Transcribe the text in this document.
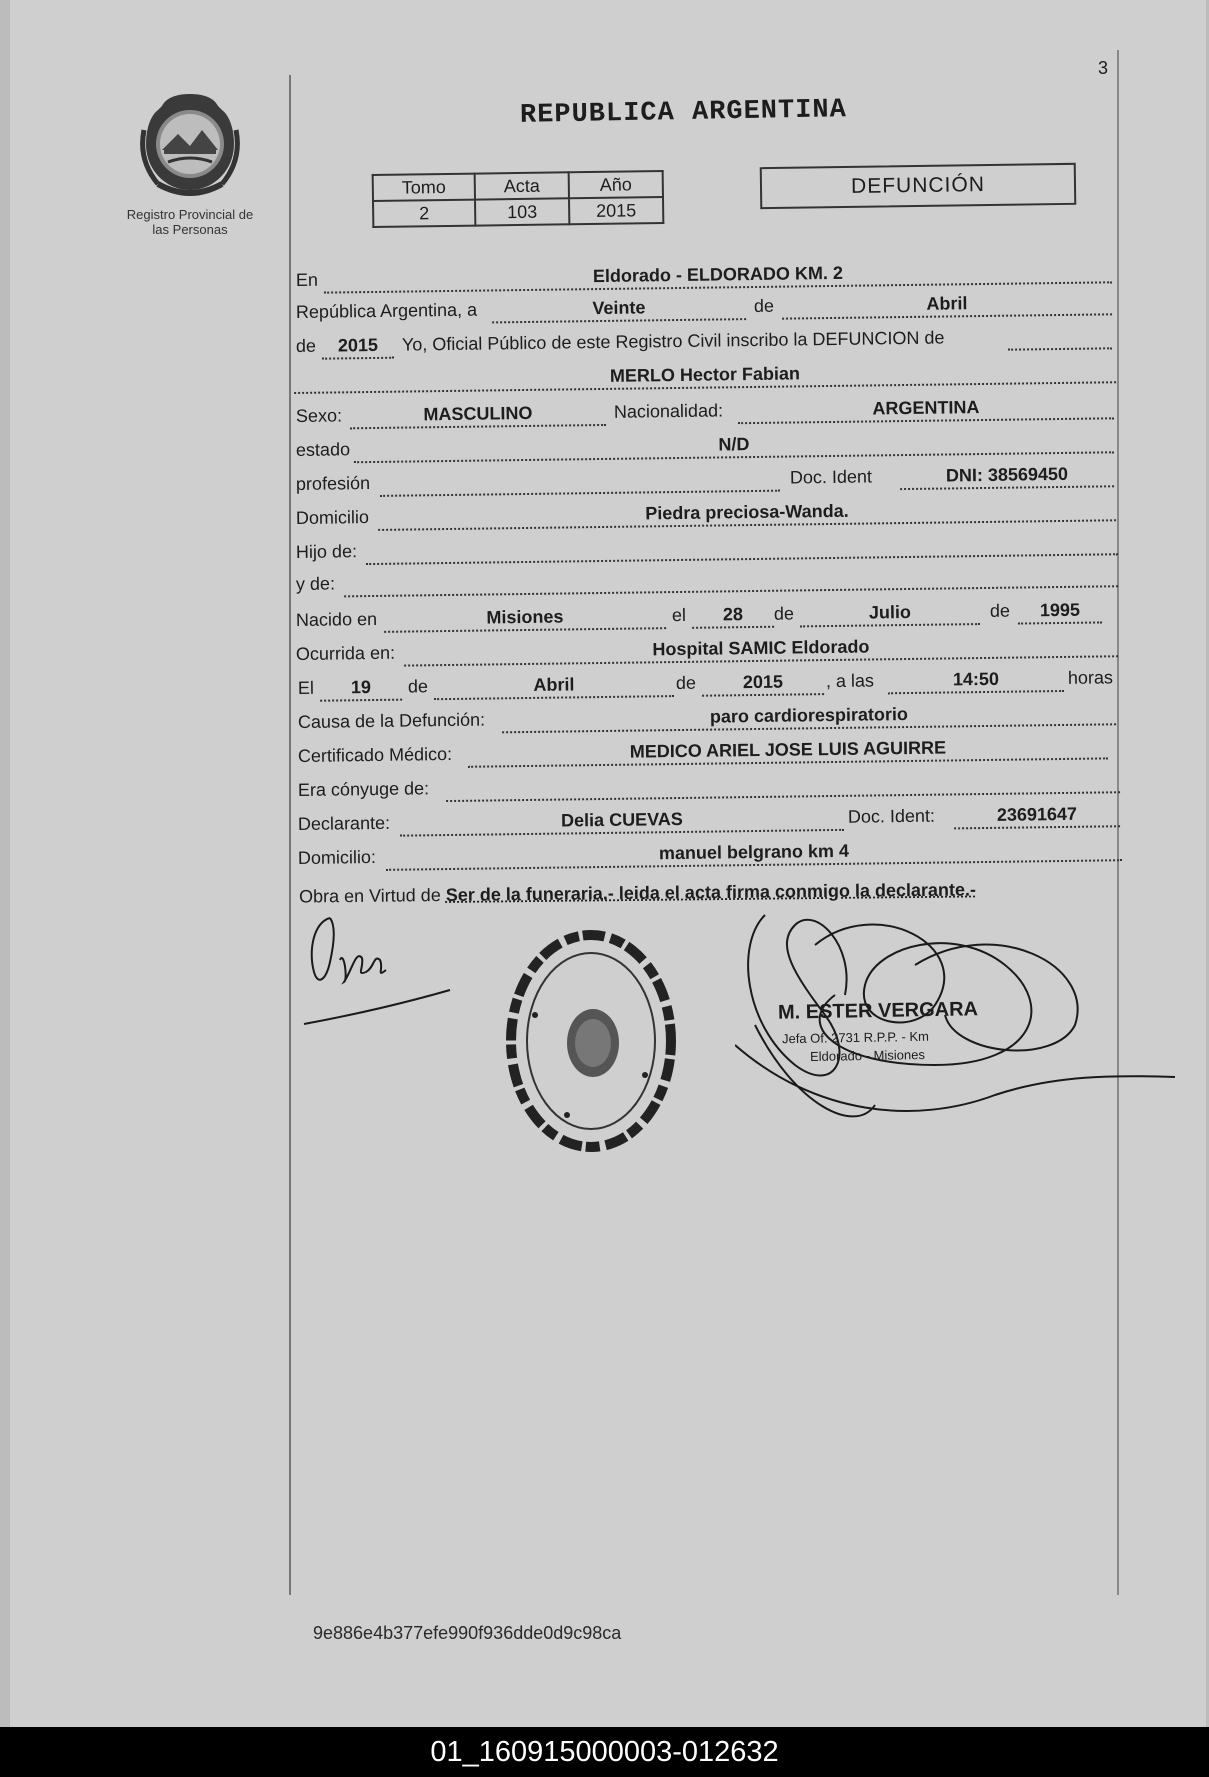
3
Registro Provincial de
las Personas
REPUBLICA ARGENTINA
Tomo	Acta	Año
2	103	2015
DEFUNCIÓN
En	Eldorado - ELDORADO KM. 2
República Argentina, a	Veinte	de	Abril
de	2015	Yo, Oficial Público de este Registro Civil inscribo la DEFUNCION de
MERLO Hector Fabian
Sexo:	MASCULINO	Nacionalidad:	ARGENTINA
estado	N/D
profesión	Doc. Ident	DNI: 38569450
Domicilio	Piedra preciosa-Wanda.
Hijo de:
y de:
Nacido en	Misiones	el	28	de	Julio	de	1995
Ocurrida en:	Hospital SAMIC Eldorado
El	19	de	Abril	de	2015	, a las	14:50	horas
Causa de la Defunción:	paro cardiorespiratorio
Certificado Médico:	MEDICO ARIEL JOSE LUIS AGUIRRE
Era cónyuge de:
Declarante:	Delia CUEVAS	Doc. Ident:	23691647
Domicilio:	manuel belgrano km 4
Obra en Virtud de Ser de la funeraria.- leida el acta firma conmigo la declarante.-
M. ESTER VERGARA
Jefa Of. 2731 R.P.P. - Km
Eldorado - Misiones
9e886e4b377efe990f936dde0d9c98ca
01_160915000003-012632
